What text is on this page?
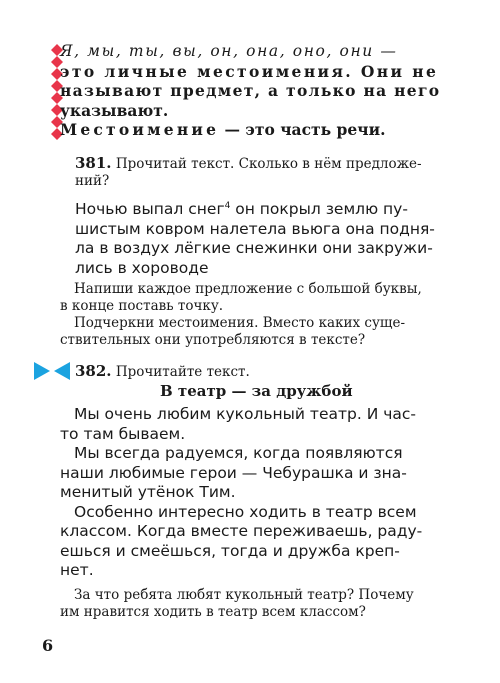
Я, мы, ты, вы, он, она, оно, они —
это личные местоимения. Они не
называют предмет, а только на него
указывают.
Местоимение — это часть речи.
381. Прочитай текст. Сколько в нём предложе-
ний?
Ночью выпал снег$^4$ он покрыл землю пу-
шистым ковром налетела вьюга она подня-
ла в воздух лёгкие снежинки они закружи-
лись в хороводе
Напиши каждое предложение с большой буквы,
в конце поставь точку.
Подчеркни местоимения. Вместо каких суще-
ствительных они употребляются в тексте?
382. Прочитайте текст.
В театр — за дружбой
Мы очень любим кукольный театр. И час-
то там бываем.
Мы всегда радуемся, когда появляются
наши любимые герои — Чебурашка и зна-
менитый утёнок Тим.
Особенно интересно ходить в театр всем
классом. Когда вместе переживаешь, раду-
ешься и смеёшься, тогда и дружба креп-
нет.
За что ребята любят кукольный театр? Почему
им нравится ходить в театр всем классом?
6
